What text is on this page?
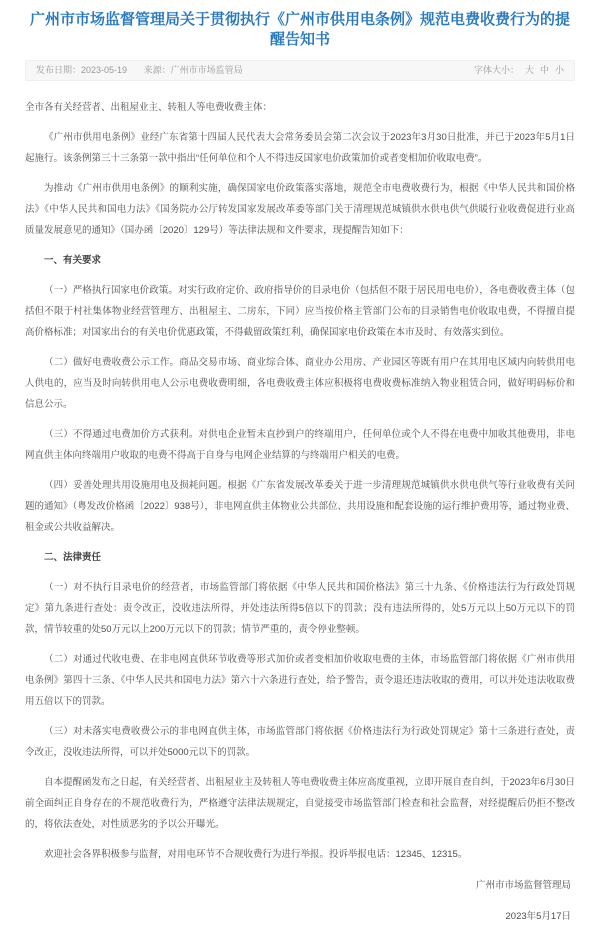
广州市市场监督管理局关于贯彻执行《广州市供用电条例》规范电费收费行为的提醒告知书
发布日期：2023-05-19 来源：广州市市场监管局	字体大小： 大 中 小

全市各有关经营者、出租屋业主、转租人等电费收费主体：

《广州市供用电条例》业经广东省第十四届人民代表大会常务委员会第二次会议于2023年3月30日批准，并已于2023年5月1日起施行。该条例第三十三条第一款中指出“任何单位和个人不得违反国家电价政策加价或者变相加价收取电费”。

为推动《广州市供用电条例》的顺利实施，确保国家电价政策落实落地，规范全市电费收费行为，根据《中华人民共和国价格法》《中华人民共和国电力法》《国务院办公厅转发国家发展改革委等部门关于清理规范城镇供水供电供气供暖行业收费促进行业高质量发展意见的通知》（国办函〔2020〕129号）等法律法规和文件要求，现提醒告知如下：

一、有关要求

（一）严格执行国家电价政策。对实行政府定价、政府指导价的目录电价（包括但不限于居民用电电价），各电费收费主体（包括但不限于村社集体物业经营管理方、出租屋主、二房东，下同）应当按价格主管部门公布的目录销售电价收取电费，不得擅自提高价格标准；对国家出台的有关电价优惠政策，不得截留政策红利，确保国家电价政策在本市及时、有效落实到位。

（二）做好电费收费公示工作。商品交易市场、商业综合体、商业办公用房、产业园区等既有用户在其用电区域内向转供用电人供电的，应当及时向转供用电人公示电费收费明细，各电费收费主体应积极将电费收费标准纳入物业租赁合同，做好明码标价和信息公示。

（三）不得通过电费加价方式获利。对供电企业暂未直抄到户的终端用户，任何单位或个人不得在电费中加收其他费用，非电网直供主体向终端用户收取的电费不得高于自身与电网企业结算的与终端用户相关的电费。

（四）妥善处理共用设施用电及损耗问题。根据《广东省发展改革委关于进一步清理规范城镇供水供电供气等行业收费有关问题的通知》（粤发改价格函〔2022〕938号），非电网直供主体物业公共部位、共用设施和配套设施的运行维护费用等，通过物业费、租金或公共收益解决。

二、法律责任

（一）对不执行目录电价的经营者，市场监管部门将依据《中华人民共和国价格法》第三十九条、《价格违法行为行政处罚规定》第九条进行查处：责令改正，没收违法所得，并处违法所得5倍以下的罚款；没有违法所得的，处5万元以上50万元以下的罚款，情节较重的处50万元以上200万元以下的罚款；情节严重的，责令停业整顿。

（二）对通过代收电费、在非电网直供环节收费等形式加价或者变相加价收取电费的主体，市场监管部门将依据《广州市供用电条例》第四十三条、《中华人民共和国电力法》第六十六条进行查处，给予警告，责令退还违法收取的费用，可以并处违法收取费用五倍以下的罚款。

（三）对未落实电费收费公示的非电网直供主体，市场监管部门将依据《价格违法行为行政处罚规定》第十三条进行查处，责令改正，没收违法所得，可以并处5000元以下的罚款。

自本提醒函发布之日起，有关经营者、出租屋业主及转租人等电费收费主体应高度重视，立即开展自查自纠，于2023年6月30日前全面纠正自身存在的不规范收费行为，严格遵守法律法规规定，自觉接受市场监管部门检查和社会监督，对经提醒后仍拒不整改的，将依法查处，对性质恶劣的予以公开曝光。

欢迎社会各界积极参与监督，对用电环节不合规收费行为进行举报。投诉举报电话：12345、12315。

广州市市场监督管理局

2023年5月17日
